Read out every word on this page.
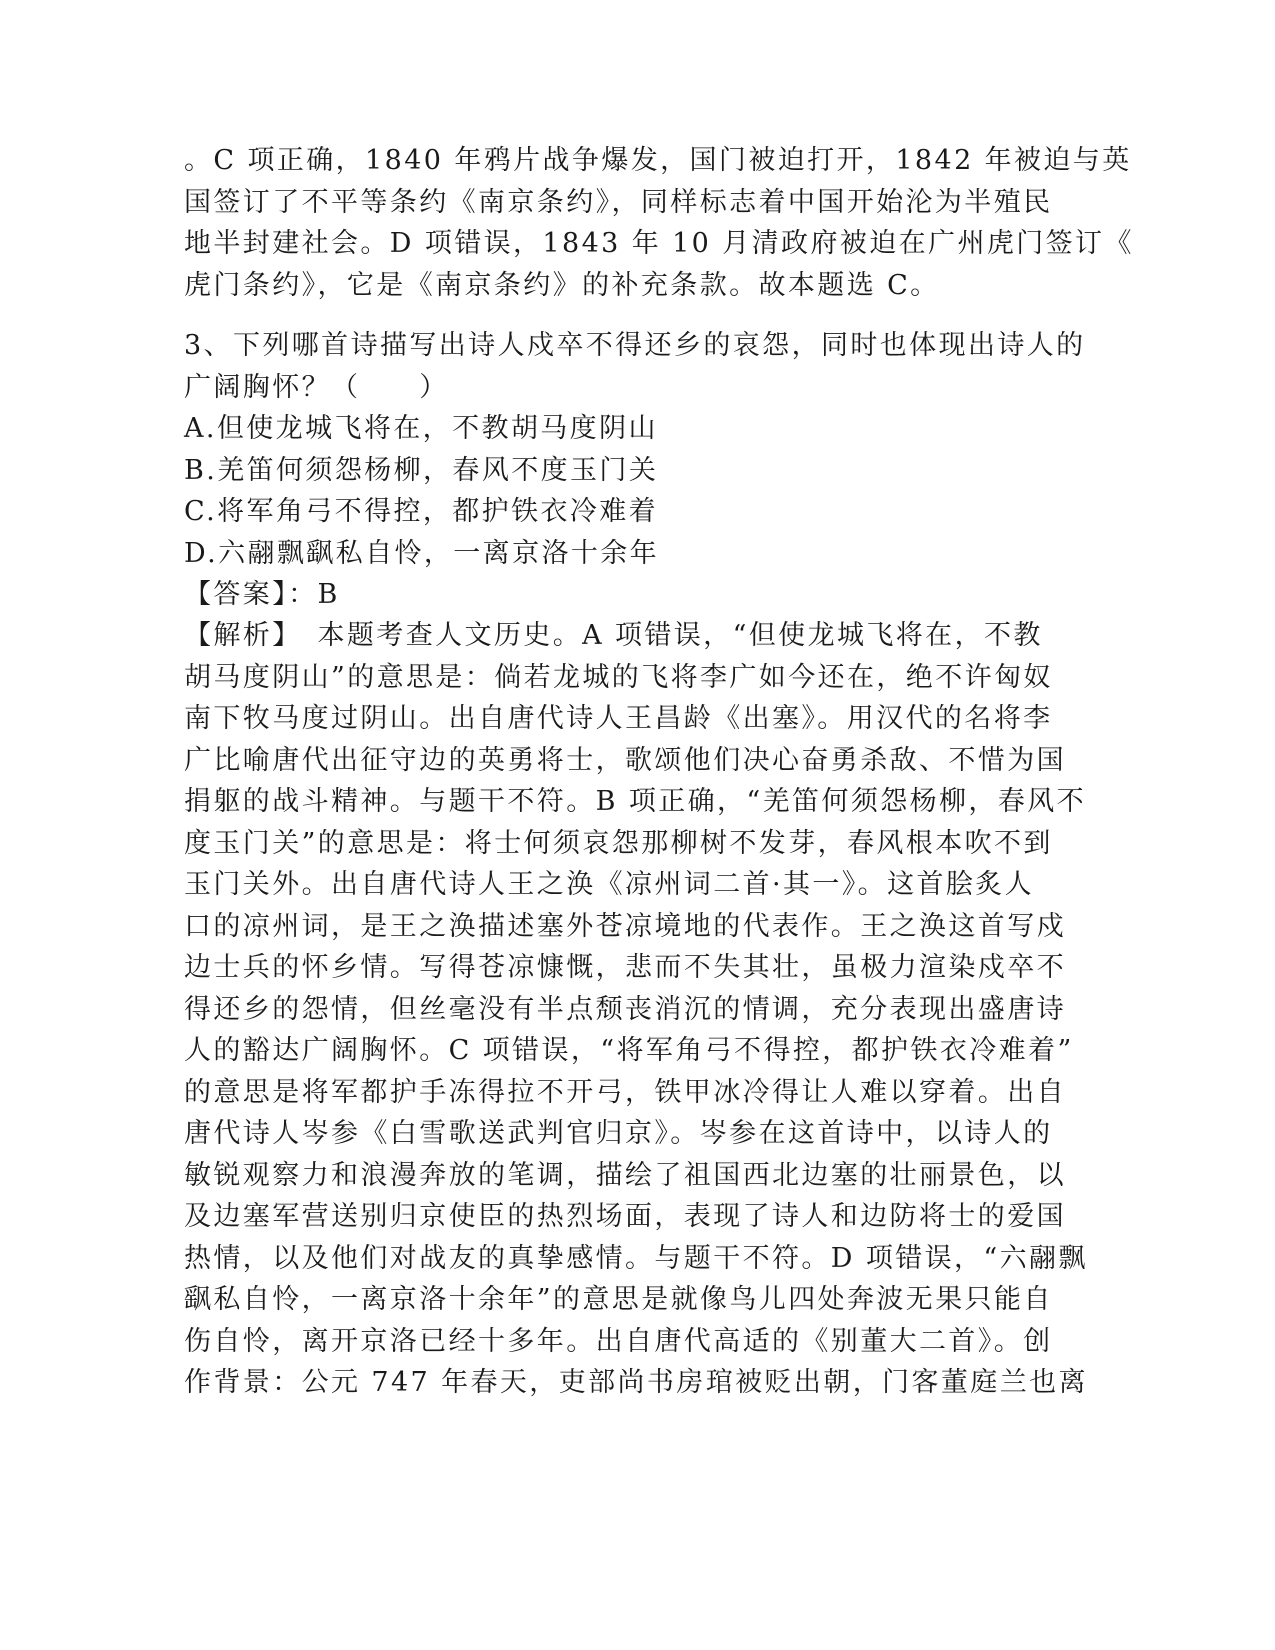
。C 项正确，1840 年鸦片战争爆发，国门被迫打开，1842 年被迫与英
国签订了不平等条约《南京条约》，同样标志着中国开始沦为半殖民
地半封建社会。D 项错误，1843 年 10 月清政府被迫在广州虎门签订《
虎门条约》，它是《南京条约》的补充条款。故本题选 C。
3、下列哪首诗描写出诗人戍卒不得还乡的哀怨，同时也体现出诗人的
广阔胸怀？（　　）
A.但使龙城飞将在，不教胡马度阴山
B.羌笛何须怨杨柳，春风不度玉门关
C.将军角弓不得控，都护铁衣冷难着
D.六翮飘飖私自怜，一离京洛十余年
【答案】：B
【解析】　本题考查人文历史。A 项错误，“但使龙城飞将在，不教
胡马度阴山”的意思是：倘若龙城的飞将李广如今还在，绝不许匈奴
南下牧马度过阴山。出自唐代诗人王昌龄《出塞》。用汉代的名将李
广比喻唐代出征守边的英勇将士，歌颂他们决心奋勇杀敌、不惜为国
捐躯的战斗精神。与题干不符。B 项正确，“羌笛何须怨杨柳，春风不
度玉门关”的意思是：将士何须哀怨那柳树不发芽，春风根本吹不到
玉门关外。出自唐代诗人王之涣《凉州词二首·其一》。这首脍炙人
口的凉州词，是王之涣描述塞外苍凉境地的代表作。王之涣这首写戍
边士兵的怀乡情。写得苍凉慷慨，悲而不失其壮，虽极力渲染戍卒不
得还乡的怨情，但丝毫没有半点颓丧消沉的情调，充分表现出盛唐诗
人的豁达广阔胸怀。C 项错误，“将军角弓不得控，都护铁衣冷难着”
的意思是将军都护手冻得拉不开弓，铁甲冰冷得让人难以穿着。出自
唐代诗人岑参《白雪歌送武判官归京》。岑参在这首诗中，以诗人的
敏锐观察力和浪漫奔放的笔调，描绘了祖国西北边塞的壮丽景色，以
及边塞军营送别归京使臣的热烈场面，表现了诗人和边防将士的爱国
热情，以及他们对战友的真挚感情。与题干不符。D 项错误，“六翮飘
飖私自怜，一离京洛十余年”的意思是就像鸟儿四处奔波无果只能自
伤自怜，离开京洛已经十多年。出自唐代高适的《别董大二首》。创
作背景：公元 747 年春天，吏部尚书房琯被贬出朝，门客董庭兰也离
